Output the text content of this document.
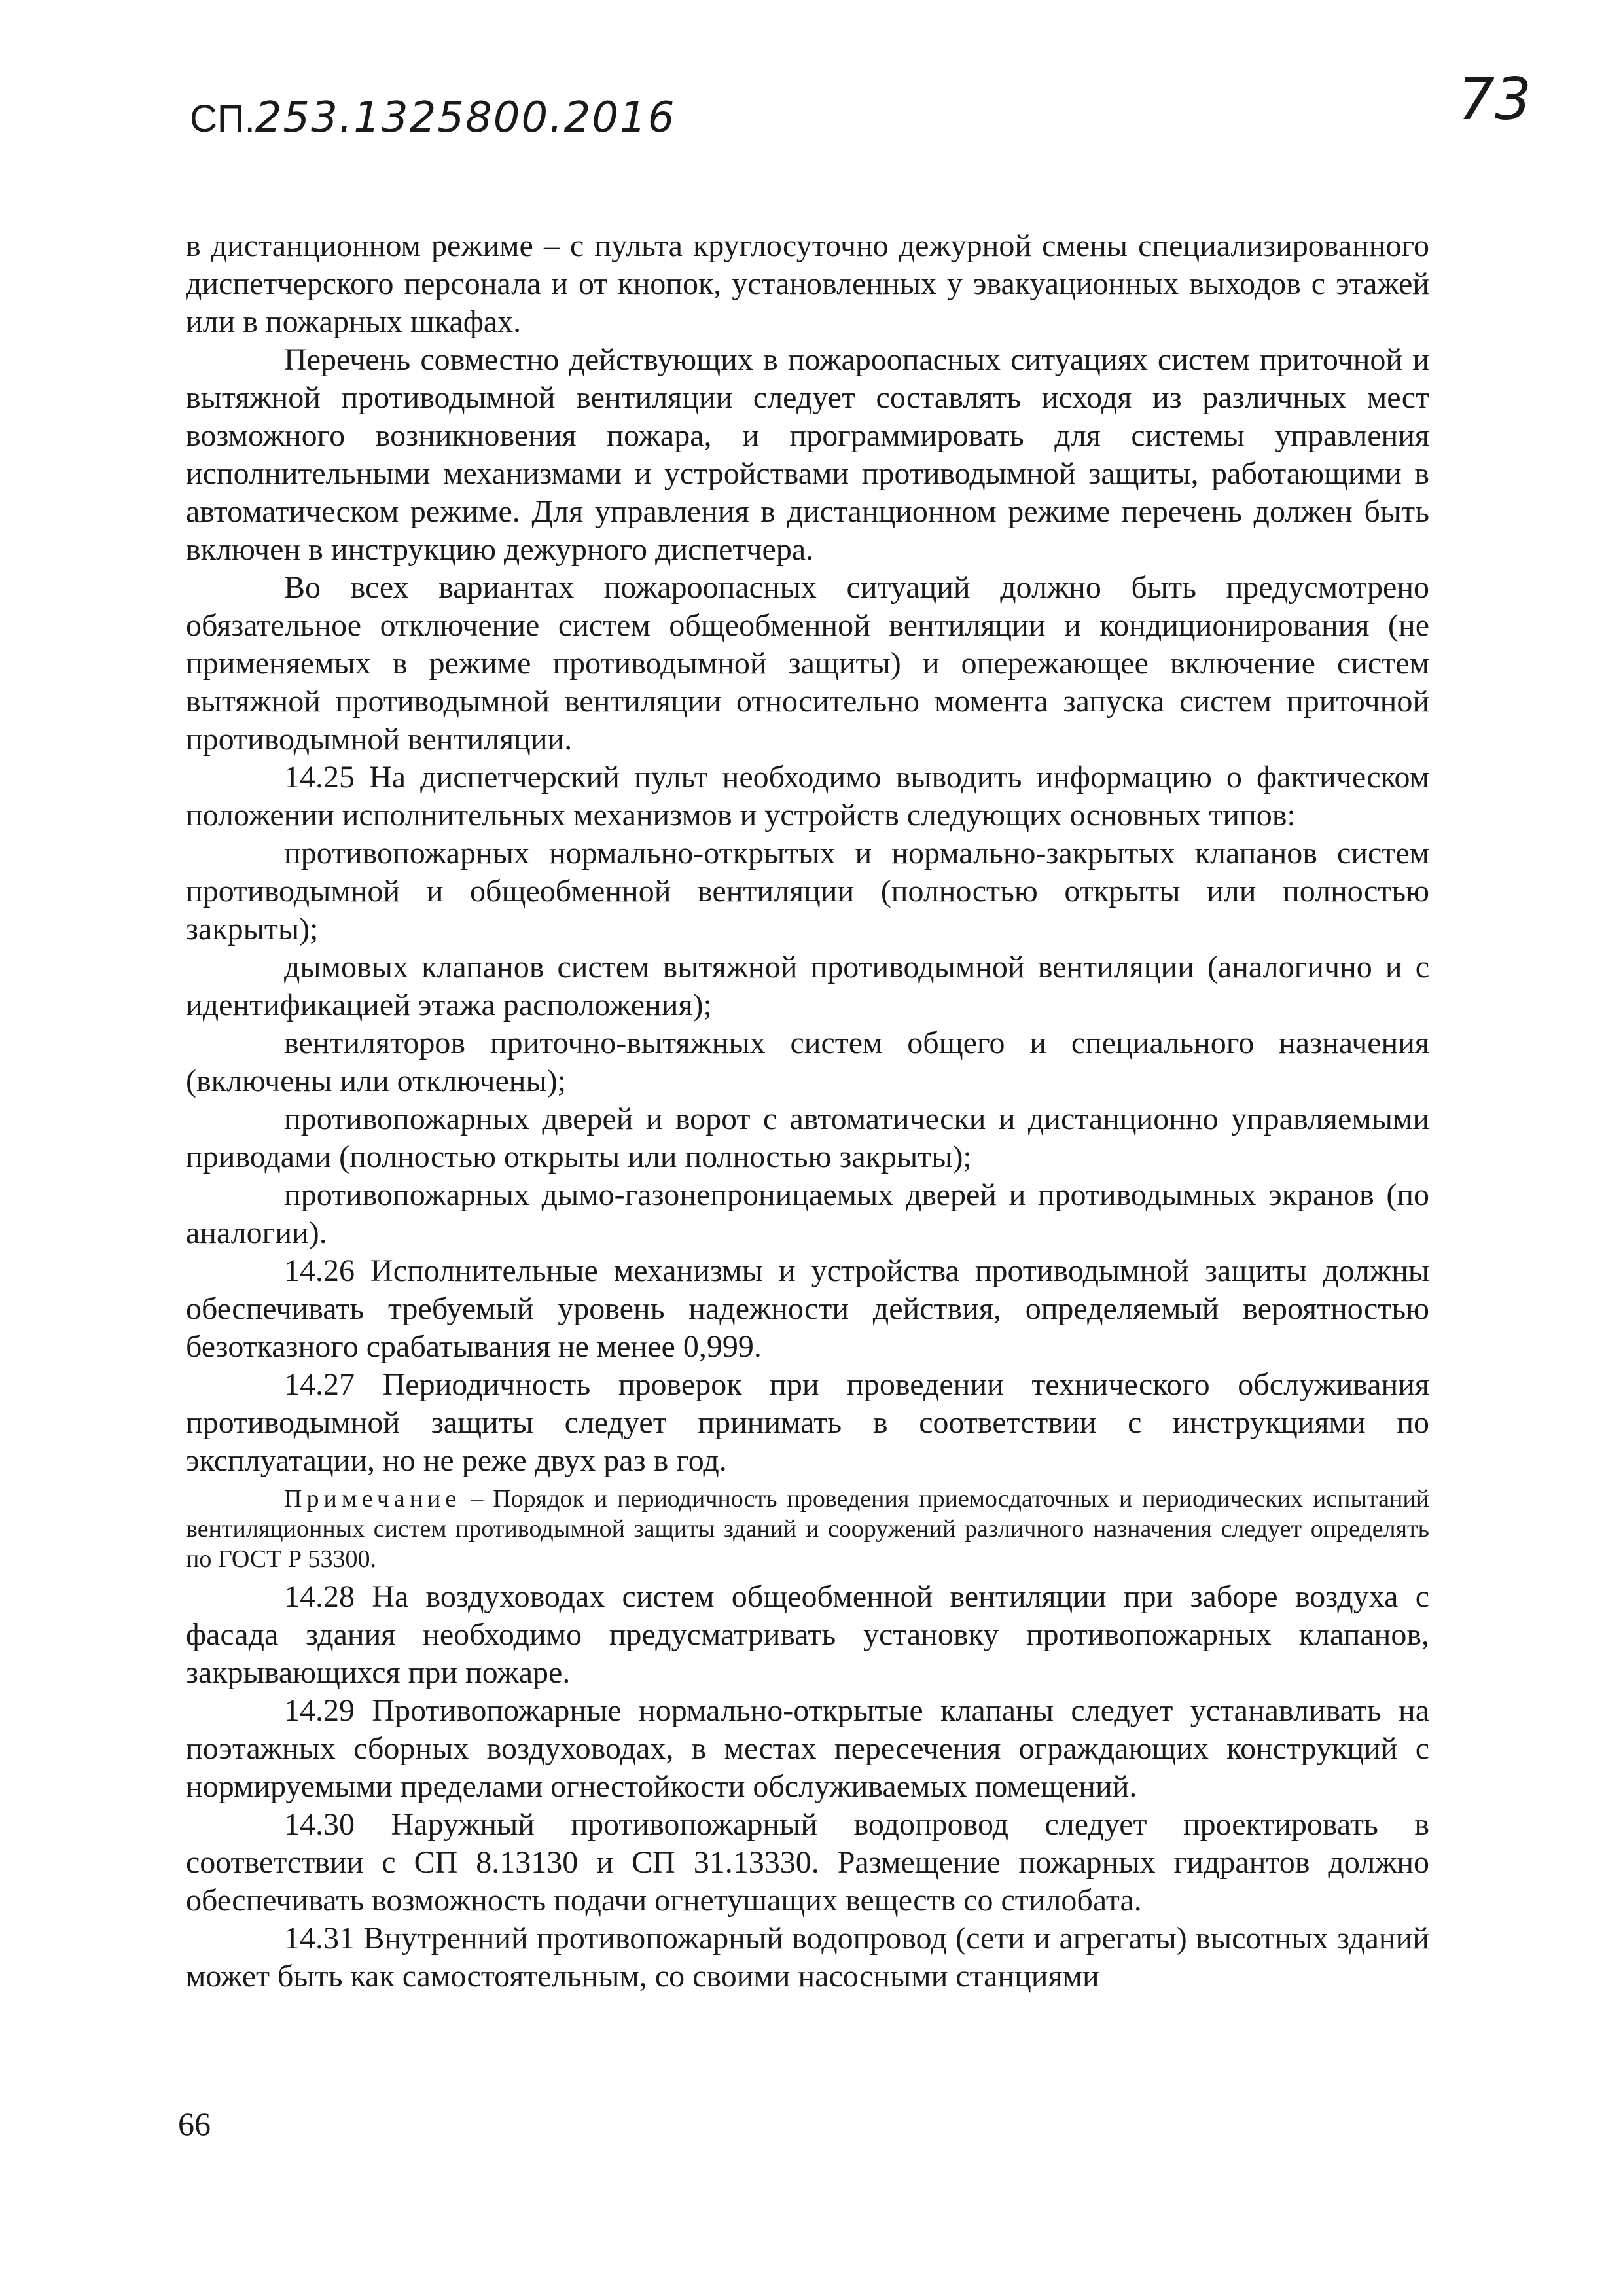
СП.253.1325800.2016	73

в дистанционном режиме – с пульта круглосуточно дежурной смены специализированного диспетчерского персонала и от кнопок, установленных у эвакуационных выходов с этажей или в пожарных шкафах.

Перечень совместно действующих в пожароопасных ситуациях систем приточной и вытяжной противодымной вентиляции следует составлять исходя из различных мест возможного возникновения пожара, и программировать для системы управления исполнительными механизмами и устройствами противодымной защиты, работающими в автоматическом режиме. Для управления в дистанционном режиме перечень должен быть включен в инструкцию дежурного диспетчера.

Во всех вариантах пожароопасных ситуаций должно быть предусмотрено обязательное отключение систем общеобменной вентиляции и кондиционирования (не применяемых в режиме противодымной защиты) и опережающее включение систем вытяжной противодымной вентиляции относительно момента запуска систем приточной противодымной вентиляции.

14.25 На диспетчерский пульт необходимо выводить информацию о фактическом положении исполнительных механизмов и устройств следующих основных типов:

противопожарных нормально-открытых и нормально-закрытых клапанов систем противодымной и общеобменной вентиляции (полностью открыты или полностью закрыты);

дымовых клапанов систем вытяжной противодымной вентиляции (аналогично и с идентификацией этажа расположения);

вентиляторов приточно-вытяжных систем общего и специального назначения (включены или отключены);

противопожарных дверей и ворот с автоматически и дистанционно управляемыми приводами (полностью открыты или полностью закрыты);

противопожарных дымо-газонепроницаемых дверей и противодымных экранов (по аналогии).

14.26 Исполнительные механизмы и устройства противодымной защиты должны обеспечивать требуемый уровень надежности действия, определяемый вероятностью безотказного срабатывания не менее 0,999.

14.27 Периодичность проверок при проведении технического обслуживания противодымной защиты следует принимать в соответствии с инструкциями по эксплуатации, но не реже двух раз в год.

Примечание – Порядок и периодичность проведения приемосдаточных и периодических испытаний вентиляционных систем противодымной защиты зданий и сооружений различного назначения следует определять по ГОСТ Р 53300.

14.28 На воздуховодах систем общеобменной вентиляции при заборе воздуха с фасада здания необходимо предусматривать установку противопожарных клапанов, закрывающихся при пожаре.

14.29 Противопожарные нормально-открытые клапаны следует устанавливать на поэтажных сборных воздуховодах, в местах пересечения ограждающих конструкций с нормируемыми пределами огнестойкости обслуживаемых помещений.

14.30 Наружный противопожарный водопровод следует проектировать в соответствии с СП 8.13130 и СП 31.13330. Размещение пожарных гидрантов должно обеспечивать возможность подачи огнетушащих веществ со стилобата.

14.31 Внутренний противопожарный водопровод (сети и агрегаты) высотных зданий может быть как самостоятельным, со своими насосными станциями

66
